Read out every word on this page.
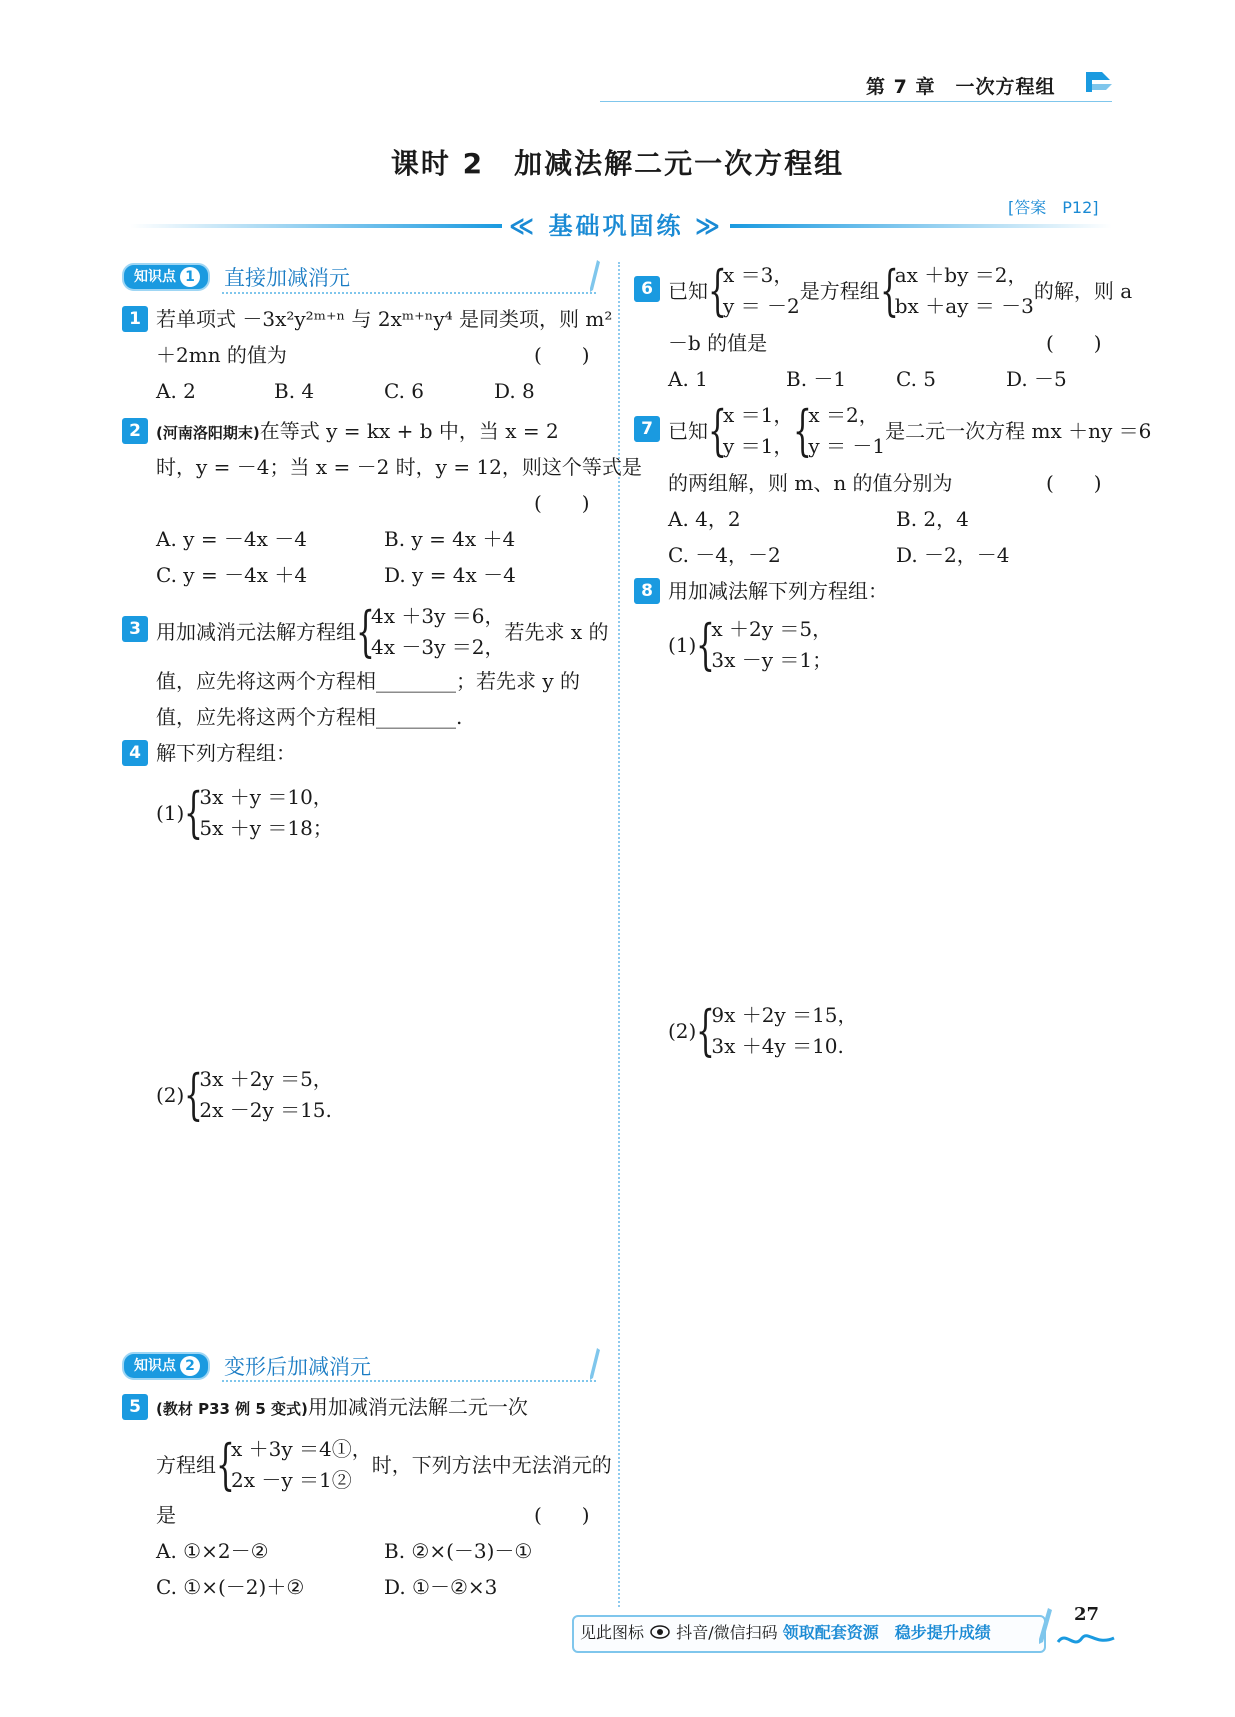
第 7 章　一次方程组
课时 2　加减法解二元一次方程组
≪ 基础巩固练 ≫
[答案　P12]
知识点 1	直接加减消元
1 若单项式 －3x²y²ᵐ⁺ⁿ 与 2xᵐ⁺ⁿy⁴ 是同类项，则 m²
＋2mn 的值为	(　　)
A. 2	B. 4	C. 6	D. 8
2	(河南洛阳期末)在等式 y = kx + b 中，当 x = 2
时，y = －4；当 x = －2 时，y = 12，则这个等式是
(　　)
A. y = －4x －4	B. y = 4x ＋4
C. y = －4x ＋4	D. y = 4x －4
3 用加减消元法解方程组 {
4x ＋3y ＝6，
4x －3y ＝2，
若先求 x 的
值，应先将这两个方程相________；若先求 y 的
值，应先将这两个方程相________.
4 解下列方程组：
(1) {
3x ＋y ＝10，
5x ＋y ＝18；
(2) {
3x ＋2y ＝5，
2x －2y ＝15.
知识点 2	变形后加减消元
5	(教材 P33 例 5 变式)用加减消元法解二元一次
方程组 {
x ＋3y ＝4①，
2x －y ＝1②
时，下列方法中无法消元的
是	(　　)
A. ①×2－②	B. ②×(－3)－①
C. ①×(－2)＋②	D. ①－②×3
6 已知 {
x ＝3，
y ＝ －2
是方程组 {
ax ＋by ＝2，
bx ＋ay ＝ －3
的解，则 a
－b 的值是	(　　)
A. 1	B. －1 C. 5	D. －5
7 已知 {
x ＝1，
y ＝1， {
x ＝2，
y ＝ －1
是二元一次方程 mx ＋ny ＝6
的两组解，则 m、n 的值分别为	(　　)
A. 4，2	B. 2，4
C. －4，－2	D. －2，－4
8 用加减法解下列方程组：
(1) {
x ＋2y ＝5，
3x －y ＝1；
(2) {
9x ＋2y ＝15，
3x ＋4y ＝10.
见此图标 抖音/微信扫码 领取配套资源　稳步提升成绩
27
